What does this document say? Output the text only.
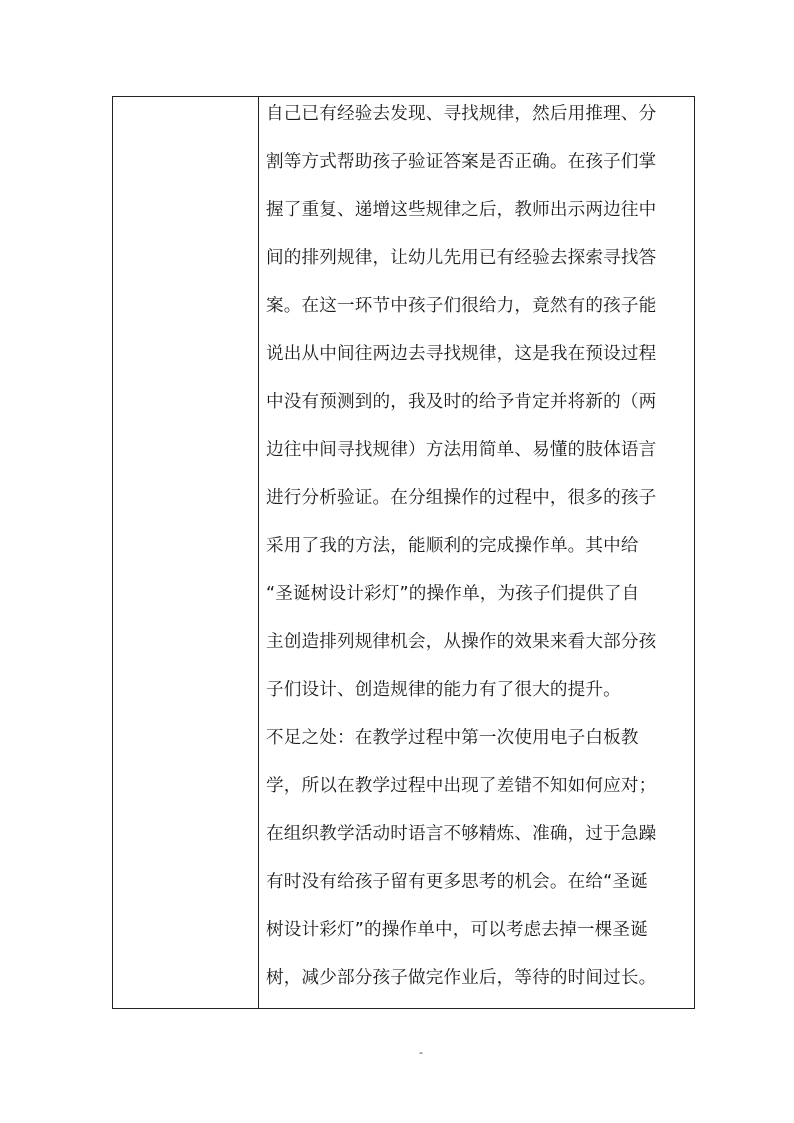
自己已有经验去发现、寻找规律，然后用推理、分
割等方式帮助孩子验证答案是否正确。在孩子们掌
握了重复、递增这些规律之后，教师出示两边往中
间的排列规律，让幼儿先用已有经验去探索寻找答
案。在这一环节中孩子们很给力，竟然有的孩子能
说出从中间往两边去寻找规律，这是我在预设过程
中没有预测到的，我及时的给予肯定并将新的（两
边往中间寻找规律）方法用简单、易懂的肢体语言
进行分析验证。在分组操作的过程中，很多的孩子
采用了我的方法，能顺利的完成操作单。其中给
“圣诞树设计彩灯”的操作单，为孩子们提供了自
主创造排列规律机会，从操作的效果来看大部分孩
子们设计、创造规律的能力有了很大的提升。
不足之处：在教学过程中第一次使用电子白板教
学，所以在教学过程中出现了差错不知如何应对；
在组织教学活动时语言不够精炼、准确，过于急躁
有时没有给孩子留有更多思考的机会。在给“圣诞
树设计彩灯”的操作单中，可以考虑去掉一棵圣诞
树，减少部分孩子做完作业后，等待的时间过长。
-
